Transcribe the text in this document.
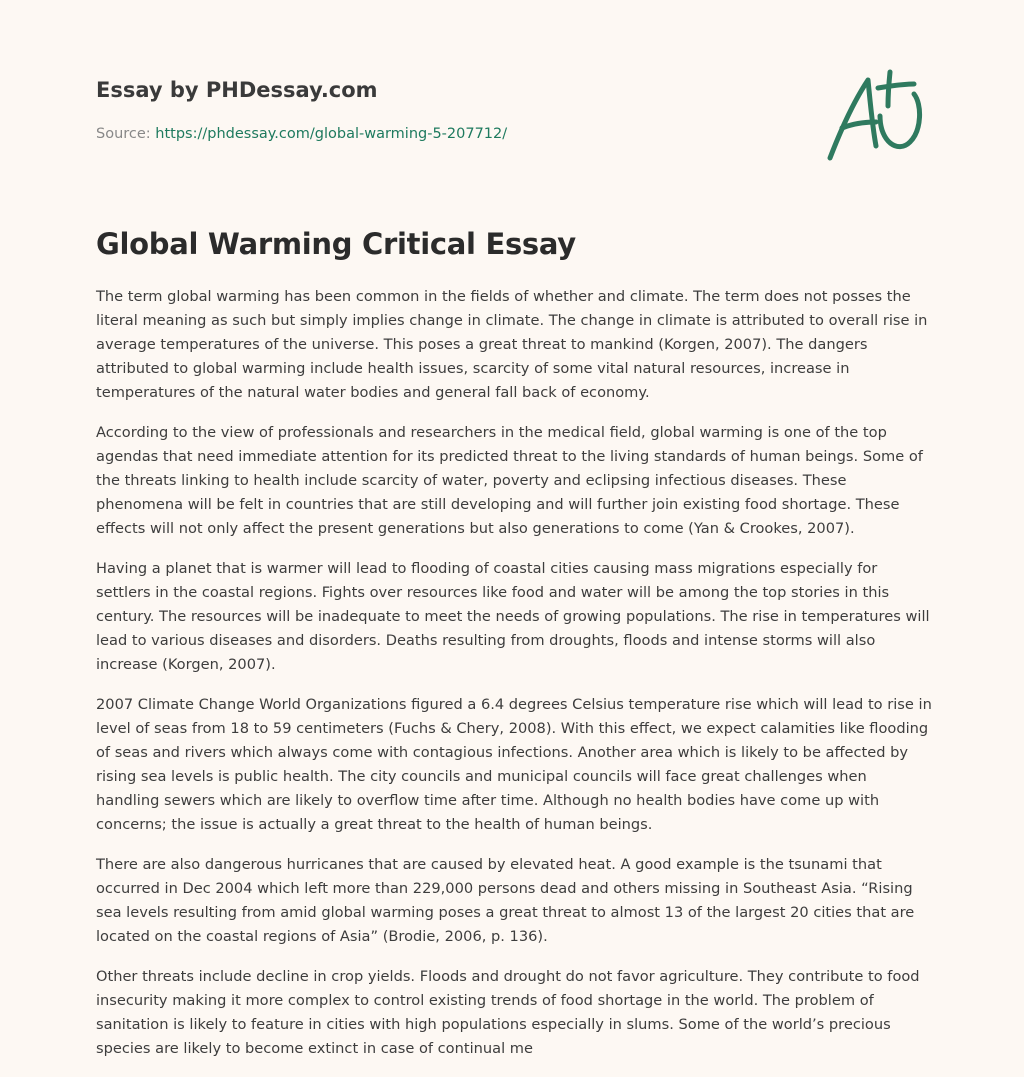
Essay by PHDessay.com
Source: https://phdessay.com/global-warming-5-207712/
Global Warming Critical Essay

The term global warming has been common in the fields of whether and climate. The term does not posses the literal meaning as such but simply implies change in climate. The change in climate is attributed to overall rise in average temperatures of the universe. This poses a great threat to mankind (Korgen, 2007). The dangers attributed to global warming include health issues, scarcity of some vital natural resources, increase in temperatures of the natural water bodies and general fall back of economy.

According to the view of professionals and researchers in the medical field, global warming is one of the top agendas that need immediate attention for its predicted threat to the living standards of human beings. Some of the threats linking to health include scarcity of water, poverty and eclipsing infectious diseases. These phenomena will be felt in countries that are still developing and will further join existing food shortage. These effects will not only affect the present generations but also generations to come (Yan & Crookes, 2007).

Having a planet that is warmer will lead to flooding of coastal cities causing mass migrations especially for settlers in the coastal regions. Fights over resources like food and water will be among the top stories in this century. The resources will be inadequate to meet the needs of growing populations. The rise in temperatures will lead to various diseases and disorders. Deaths resulting from droughts, floods and intense storms will also increase (Korgen, 2007).

2007 Climate Change World Organizations figured a 6.4 degrees Celsius temperature rise which will lead to rise in level of seas from 18 to 59 centimeters (Fuchs & Chery, 2008). With this effect, we expect calamities like flooding of seas and rivers which always come with contagious infections. Another area which is likely to be affected by rising sea levels is public health. The city councils and municipal councils will face great challenges when handling sewers which are likely to overflow time after time. Although no health bodies have come up with concerns; the issue is actually a great threat to the health of human beings.

There are also dangerous hurricanes that are caused by elevated heat. A good example is the tsunami that occurred in Dec 2004 which left more than 229,000 persons dead and others missing in Southeast Asia. “Rising sea levels resulting from amid global warming poses a great threat to almost 13 of the largest 20 cities that are located on the coastal regions of Asia” (Brodie, 2006, p. 136).

Other threats include decline in crop yields. Floods and drought do not favor agriculture. They contribute to food insecurity making it more complex to control existing trends of food shortage in the world. The problem of sanitation is likely to feature in cities with high populations especially in slums. Some of the world’s precious species are likely to become extinct in case of continual me
